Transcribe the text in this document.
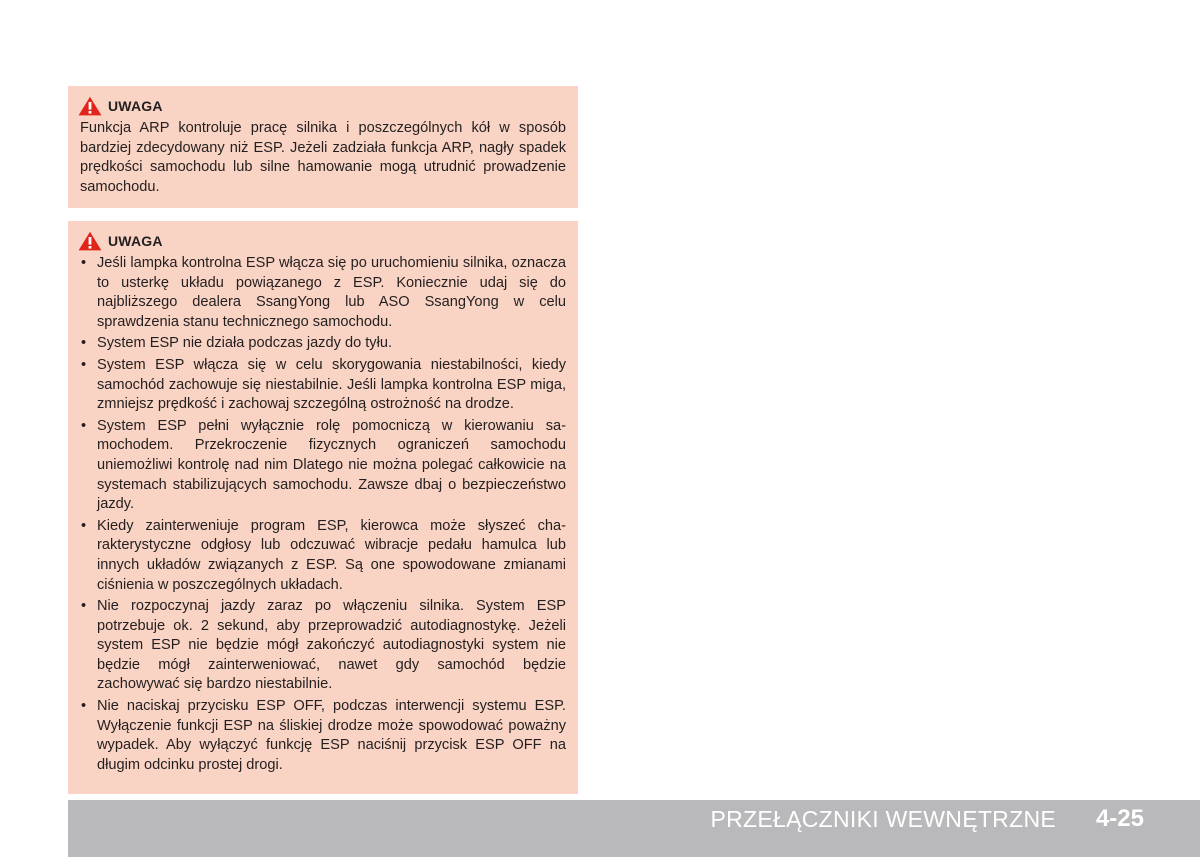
UWAGA

Funkcja ARP kontroluje pracę silnika i poszczególnych kół w sposób bardziej zdecydowany niż ESP. Jeżeli zadziała funkcja ARP, nagły spadek prędkości samochodu lub silne hamowanie mogą utrudnić prowadzenie samochodu.

UWAGA
• Jeśli lampka kontrolna ESP włącza się po uruchomieniu silnika, oznacza to usterkę układu powiązanego z ESP. Koniecznie udaj się do najbliższego dealera SsangYong lub ASO SsangYong w celu sprawdzenia stanu technicznego samochodu.
• System ESP nie działa podczas jazdy do tyłu.
• System ESP włącza się w celu skorygowania niestabilności, kiedy samochód zachowuje się niestabilnie. Jeśli lampka kontrolna ESP miga, zmniejsz prędkość i zachowaj szczególną ostrożność na drodze.
• System ESP pełni wyłącznie rolę pomocniczą w kierowaniu samochodem. Przekroczenie fizycznych ograniczeń samochodu uniemożliwi kontrolę nad nim Dlatego nie można polegać całkowicie na systemach stabilizujących samochodu. Zawsze dbaj o bezpieczeństwo jazdy.
• Kiedy zainterweniuje program ESP, kierowca może słyszeć charakterystyczne odgłosy lub odczuwać wibracje pedału hamulca lub innych układów związanych z ESP. Są one spowodowane zmianami ciśnienia w poszczególnych układach.
• Nie rozpoczynaj jazdy zaraz po włączeniu silnika. System ESP potrzebuje ok. 2 sekund, aby przeprowadzić autodiagnostykę. Jeżeli system ESP nie będzie mógł zakończyć autodiagnostyki system nie będzie mógł zainterweniować, nawet gdy samochód będzie zachowywać się bardzo niestabilnie.
• Nie naciskaj przycisku ESP OFF, podczas interwencji systemu ESP. Wyłączenie funkcji ESP na śliskiej drodze może spowodować poważny wypadek. Aby wyłączyć funkcję ESP naciśnij przycisk ESP OFF na długim odcinku prostej drogi.
PRZEŁĄCZNIKI WEWNĘTRZNE 4-25
